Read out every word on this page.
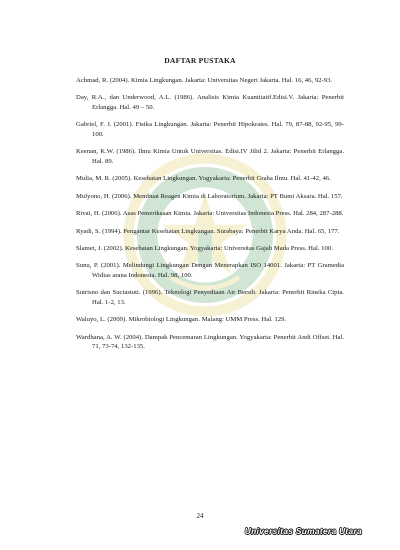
DAFTAR PUSTAKA

Achmad, R. (2004). Kimia Lingkungan. Jakarta: Universitas Negeri Jakarta. Hal. 16, 46, 92-93.

Day, R.A., dan Underwood, A.L. (1986). Analisis Kimia Kuantitatif.Edisi.V. Jakarta: Penerbit Erlangga. Hal. 49 – 50.

Gabriel, F. J. (2001). Fisika Lingkungan. Jakarta: Penerbit Hipokrates. Hal. 79, 87-88, 92-95, 99-100.

Keenan, K.W. (1986). Ilmu Kimia Untuk Universitas. Edisi.IV Jilid 2. Jakarta: Penerbit Erlangga. Hal. 89.

Mulia, M. R. (2005). Kesehatan Lingkungan. Yogyakarta: Penerbit Graha Ilmu. Hal. 41-42, 46.

Mulyono, H. (2006). Membuat Reagen Kimia di Laboratorium. Jakarta: PT Bumi Aksara. Hal. 157.

Rivai, H. (2006). Asas Pemeriksaan Kimia. Jakarta: Universitas Indonesia Press. Hal. 284, 287-288.

Ryadi, S. (1994). Pengantar Kesehatan Lingkungan. Surabaya: Penerbit Karya Anda. Hal. 65, 177.

Slamet, J. (2002). Kesehatan Lingkungan. Yogyakarta: Universitas Gajah Mada Press. Hal. 100.

Sunu, P. (2001). Melindungi Lingkungan Dengan Menerapkan ISO 14001. Jakarta: PT Gramedia Widias arana Indonesia. Hal. 98, 100.

Sutrisno dan Suciastuti. (1996). Teknologi Penyediaan Air Bersih. Jakarta: Penerbit Rineka Cipta. Hal. 1-2, 13.

Waluyo, L. (2009). Mikrobiologi Lingkungan. Malang: UMM Press. Hal. 129.

Wardhana, A. W. (2004). Dampak Pencemaran Lingkungan. Yogyakarta: Penerbit Andi Offset. Hal. 71, 73-74, 132-135.

24
Universitas Sumatera Utara
